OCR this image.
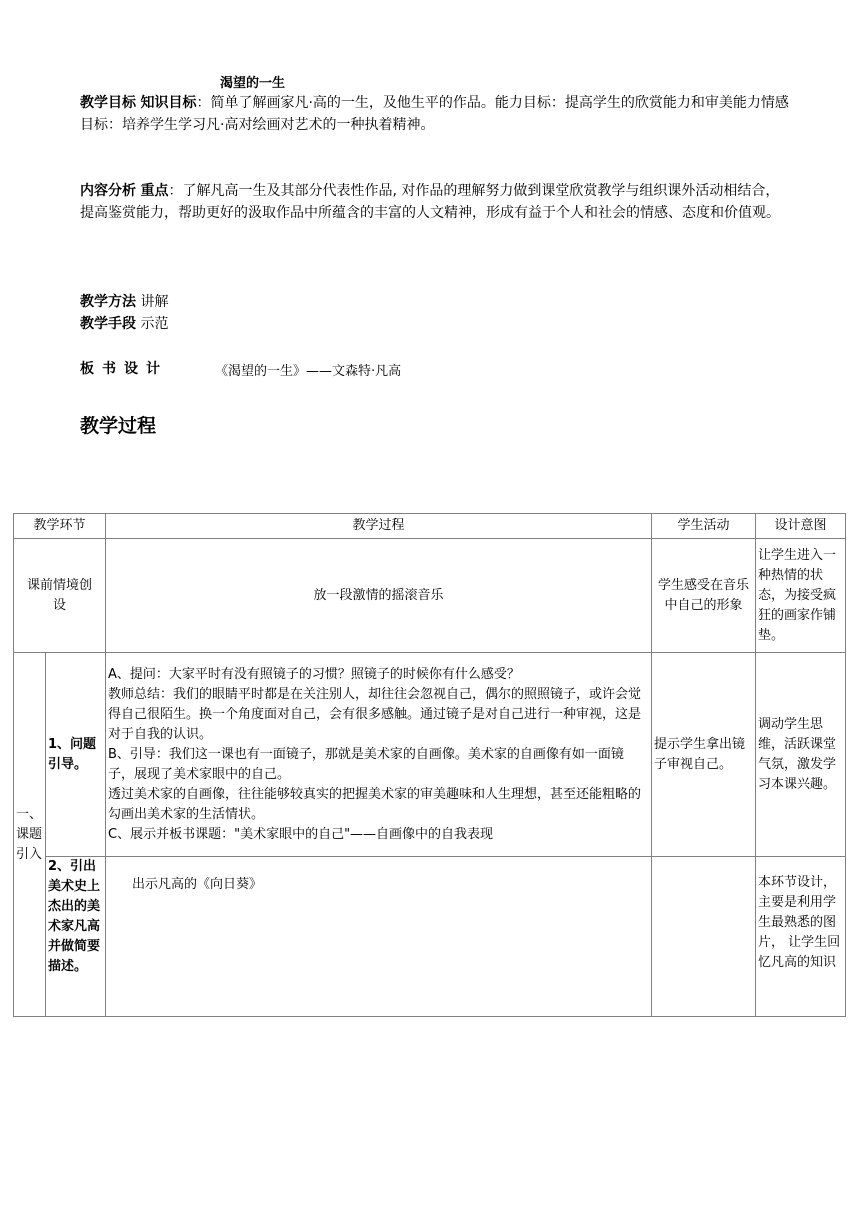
渴望的一生
教学目标 知识目标：简单了解画家凡·高的一生，及他生平的作品。能力目标：提高学生的欣赏能力和审美能力情感目标：培养学生学习凡·高对绘画对艺术的一种执着精神。
内容分析 重点：了解凡高一生及其部分代表性作品, 对作品的理解努力做到课堂欣赏教学与组织课外活动相结合，提高鉴赏能力，帮助更好的汲取作品中所蕴含的丰富的人文精神，形成有益于个人和社会的情感、态度和价值观。
教学方法 讲解
教学手段 示范
板书设计	《渴望的一生》——文森特·凡高
教学过程
教学环节		教学过程	学生活动	设计意图
课前情境创设		放一段激情的摇滚音乐	学生感受在音乐中自己的形象	让学生进入一种热情的状态，为接受疯狂的画家作铺垫。
一、课题引入	1、问题引导。	A、提问：大家平时有没有照镜子的习惯？照镜子的时候你有什么感受？
教师总结：我们的眼睛平时都是在关注别人，却往往会忽视自己，偶尔的照照镜子，或许会觉得自己很陌生。换一个角度面对自己，会有很多感触。通过镜子是对自己进行一种审视，这是对于自我的认识。
B、引导：我们这一课也有一面镜子，那就是美术家的自画像。美术家的自画像有如一面镜子，展现了美术家眼中的自己。
透过美术家的自画像，往往能够较真实的把握美术家的审美趣味和人生理想，甚至还能粗略的勾画出美术家的生活情状。
C、展示并板书课题："美术家眼中的自己"——自画像中的自我表现	提示学生拿出镜子审视自己。	调动学生思维，活跃课堂气氛，激发学习本课兴趣。
	2、引出美术史上杰出的美术家凡高并做简要描述。	出示凡高的《向日葵》		本环节设计，主要是利用学生最熟悉的图片， 让学生回忆凡高的知识
